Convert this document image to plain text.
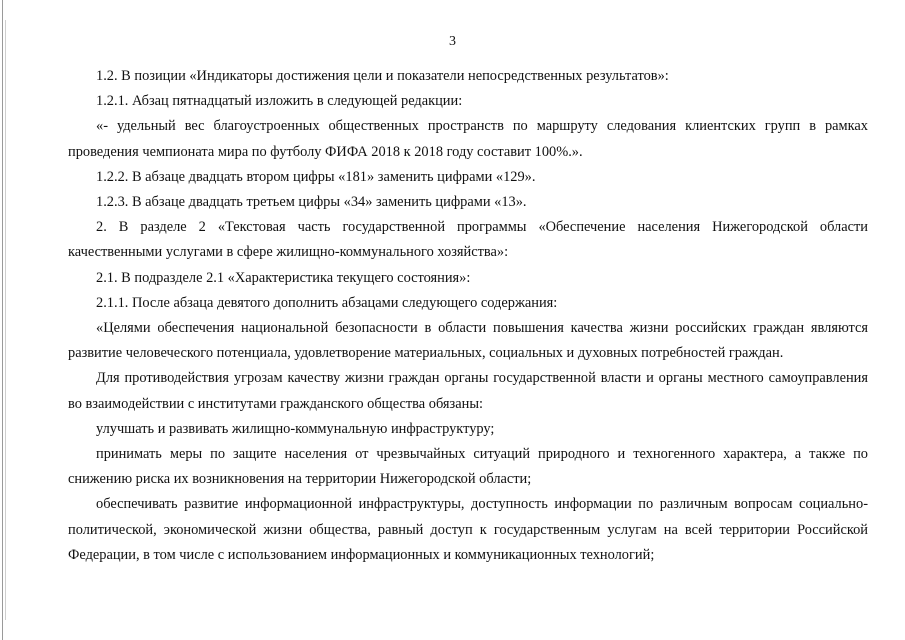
3

1.2. В позиции «Индикаторы достижения цели и показатели непосредственных результатов»:

1.2.1. Абзац пятнадцатый изложить в следующей редакции:

«- удельный вес благоустроенных общественных пространств по маршруту следования клиентских групп в рамках проведения чемпионата мира по футболу ФИФА 2018 к 2018 году составит 100%.».

1.2.2. В абзаце двадцать втором цифры «181» заменить цифрами «129».

1.2.3. В абзаце двадцать третьем цифры «34» заменить цифрами «13».

2. В разделе 2 «Текстовая часть государственной программы «Обеспечение населения Нижегородской области качественными услугами в сфере жилищно-коммунального хозяйства»:

2.1. В подразделе 2.1 «Характеристика текущего состояния»:

2.1.1. После абзаца девятого дополнить абзацами следующего содержания:

«Целями обеспечения национальной безопасности в области повышения качества жизни российских граждан являются развитие человеческого потенциала, удовлетворение материальных, социальных и духовных потребностей граждан.

Для противодействия угрозам качеству жизни граждан органы государственной власти и органы местного самоуправления во взаимодействии с институтами гражданского общества обязаны:

улучшать и развивать жилищно-коммунальную инфраструктуру;

принимать меры по защите населения от чрезвычайных ситуаций природного и техногенного характера, а также по снижению риска их возникновения на территории Нижегородской области;

обеспечивать развитие информационной инфраструктуры, доступность информации по различным вопросам социально-политической, экономической жизни общества, равный доступ к государственным услугам на всей территории Российской Федерации, в том числе с использованием информационных и коммуникационных технологий;
